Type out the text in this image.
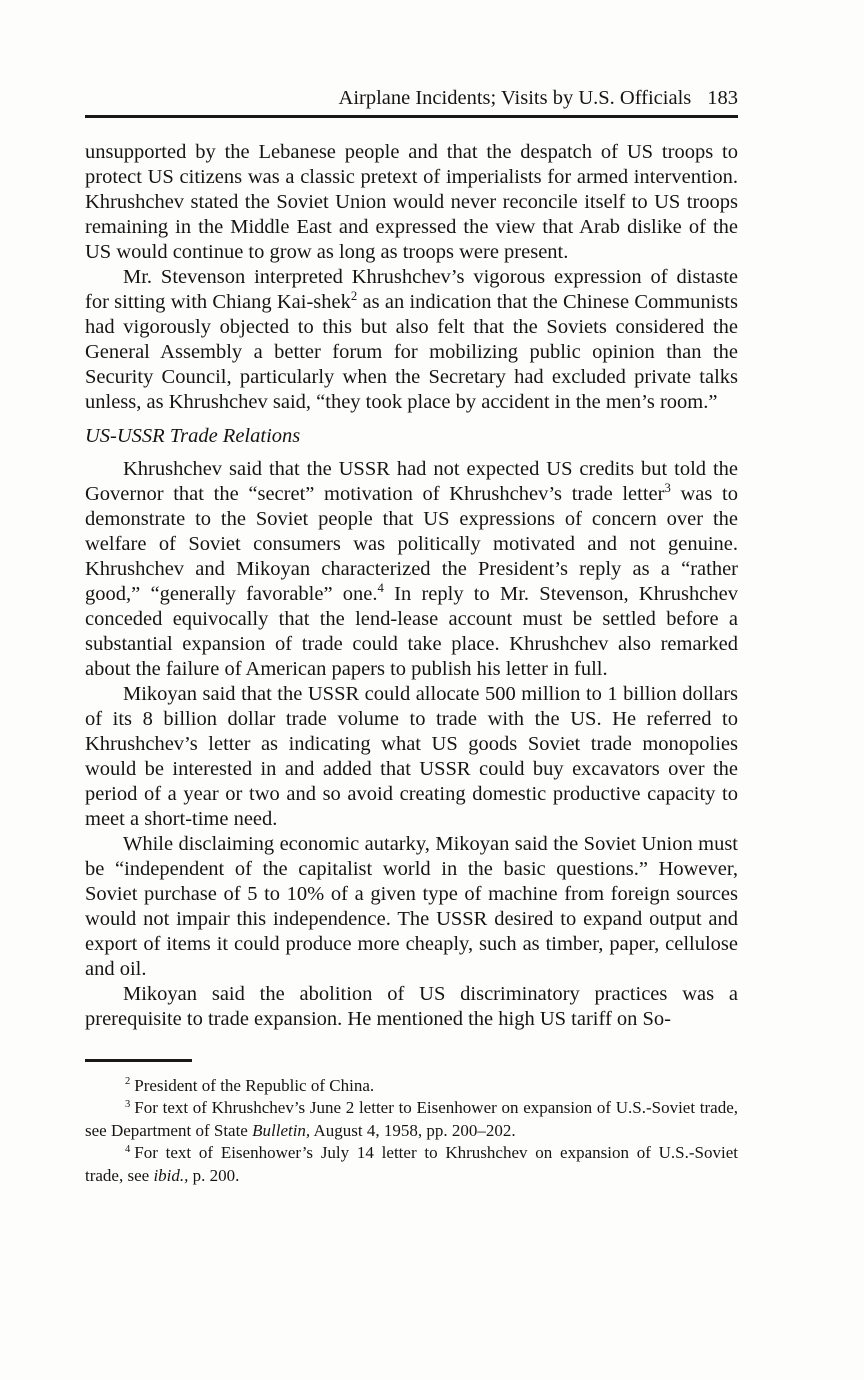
Airplane Incidents; Visits by U.S. Officials 183

unsupported by the Lebanese people and that the despatch of US troops to protect US citizens was a classic pretext of imperialists for armed intervention. Khrushchev stated the Soviet Union would never reconcile itself to US troops remaining in the Middle East and expressed the view that Arab dislike of the US would continue to grow as long as troops were present.

Mr. Stevenson interpreted Khrushchev’s vigorous expression of distaste for sitting with Chiang Kai-shek$^2$ as an indication that the Chinese Communists had vigorously objected to this but also felt that the Soviets considered the General Assembly a better forum for mobilizing public opinion than the Security Council, particularly when the Secretary had excluded private talks unless, as Khrushchev said, “they took place by accident in the men’s room.”

US-USSR Trade Relations

Khrushchev said that the USSR had not expected US credits but told the Governor that the “secret” motivation of Khrushchev’s trade letter$^3$ was to demonstrate to the Soviet people that US expressions of concern over the welfare of Soviet consumers was politically motivated and not genuine. Khrushchev and Mikoyan characterized the President’s reply as a “rather good,” “generally favorable” one.$^4$ In reply to Mr. Stevenson, Khrushchev conceded equivocally that the lend-lease account must be settled before a substantial expansion of trade could take place. Khrushchev also remarked about the failure of American papers to publish his letter in full.

Mikoyan said that the USSR could allocate 500 million to 1 billion dollars of its 8 billion dollar trade volume to trade with the US. He referred to Khrushchev’s letter as indicating what US goods Soviet trade monopolies would be interested in and added that USSR could buy excavators over the period of a year or two and so avoid creating domestic productive capacity to meet a short-time need.

While disclaiming economic autarky, Mikoyan said the Soviet Union must be “independent of the capitalist world in the basic questions.” However, Soviet purchase of 5 to 10% of a given type of machine from foreign sources would not impair this independence. The USSR desired to expand output and export of items it could produce more cheaply, such as timber, paper, cellulose and oil.

Mikoyan said the abolition of US discriminatory practices was a prerequisite to trade expansion. He mentioned the high US tariff on So-

$^2$ President of the Republic of China.

$^3$ For text of Khrushchev’s June 2 letter to Eisenhower on expansion of U.S.-Soviet trade, see Department of State Bulletin, August 4, 1958, pp. 200–202.

$^4$ For text of Eisenhower’s July 14 letter to Khrushchev on expansion of U.S.-Soviet trade, see ibid., p. 200.
